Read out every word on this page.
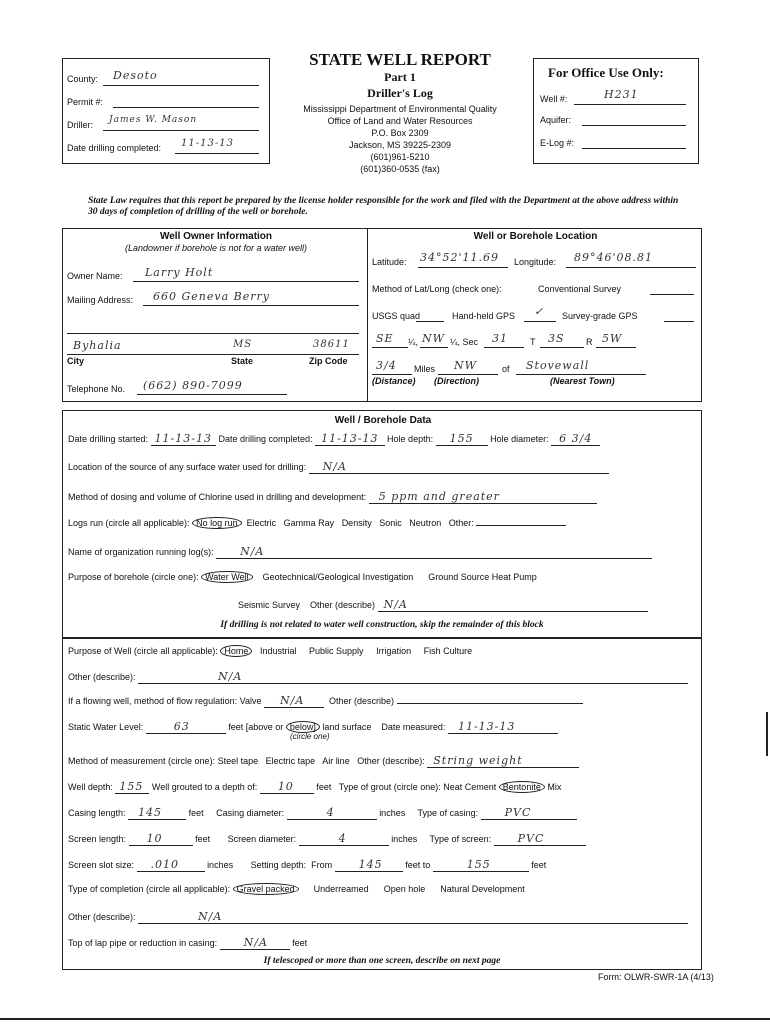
STATE WELL REPORT
Part 1
Driller's Log
Mississippi Department of Environmental Quality
Office of Land and Water Resources
P.O. Box 2309
Jackson, MS 39225-2309
(601)961-5210
(601)360-0535 (fax)
County: Desoto
Permit #:
Driller: James W. Mason
Date drilling completed: 11-13-13
For Office Use Only:
Well #:	H231
Aquifer:
E-Log #:
State Law requires that this report be prepared by the license holder responsible for the work and filed with the Department at the above address within 30 days of completion of drilling of the well or borehole.
Well Owner Information
(Landowner if borehole is not for a water well)
Owner Name: Larry Holt
Mailing Address: 660 Geneva Berry
Byhalia	MS	38611
City	State	Zip Code
Telephone No. (662) 890-7099
Well or Borehole Location
Latitude: 34°52'11.69 Longitude: 89°46'08.81
Method of Lat/Long (check one):	Conventional Survey
USGS quad	Hand-held GPS ✓ Survey-grade GPS
SE ¼, NW ¼, Sec 31 T 3S R 5W
3/4 Miles NW	of Stovewall
(Distance) (Direction)	(Nearest Town)
Well / Borehole Data
Date drilling started: 11-13-13 Date drilling completed: 11-13-13 Hole depth: 155 Hole diameter: 6 3/4
Location of the source of any surface water used for drilling: N/A
Method of dosing and volume of Chlorine used in drilling and development: 5 ppm and greater
Logs run (circle all applicable): No log run Electric Gamma Ray Density Sonic Neutron Other:
Name of organization running log(s): N/A
Purpose of borehole (circle one): Water Well Geotechnical/Geological Investigation Ground Source Heat Pump
Seismic Survey Other (describe) N/A
If drilling is not related to water well construction, skip the remainder of this block
Purpose of Well (circle all applicable): Home Industrial Public Supply Irrigation Fish Culture
Other (describe):	N/A
If a flowing well, method of flow regulation: Valve N/A	Other (describe)
Static Water Level:	63	feet [above or below] land surface Date measured: 11-13-13
(circle one)
Method of measurement (circle one): Steel tape Electric tape Air line Other (describe): String weight
Well depth: 155 Well grouted to a depth of: 10	feet Type of grout (circle one): Neat Cement Bentonite Mix
Casing length: 145	feet Casing diameter:	4	inches Type of casing: PVC
Screen length: 10	feet Screen diameter:	4	inches Type of screen: PVC
Screen slot size: .010	inches Setting depth: From 145	feet to	155	feet
Type of completion (circle all applicable): Gravel packed Underreamed Open hole Natural Development
Other (describe):	N/A
Top of lap pipe or reduction in casing: N/A	feet
If telescoped or more than one screen, describe on next page
Form: OLWR-SWR-1A (4/13)
